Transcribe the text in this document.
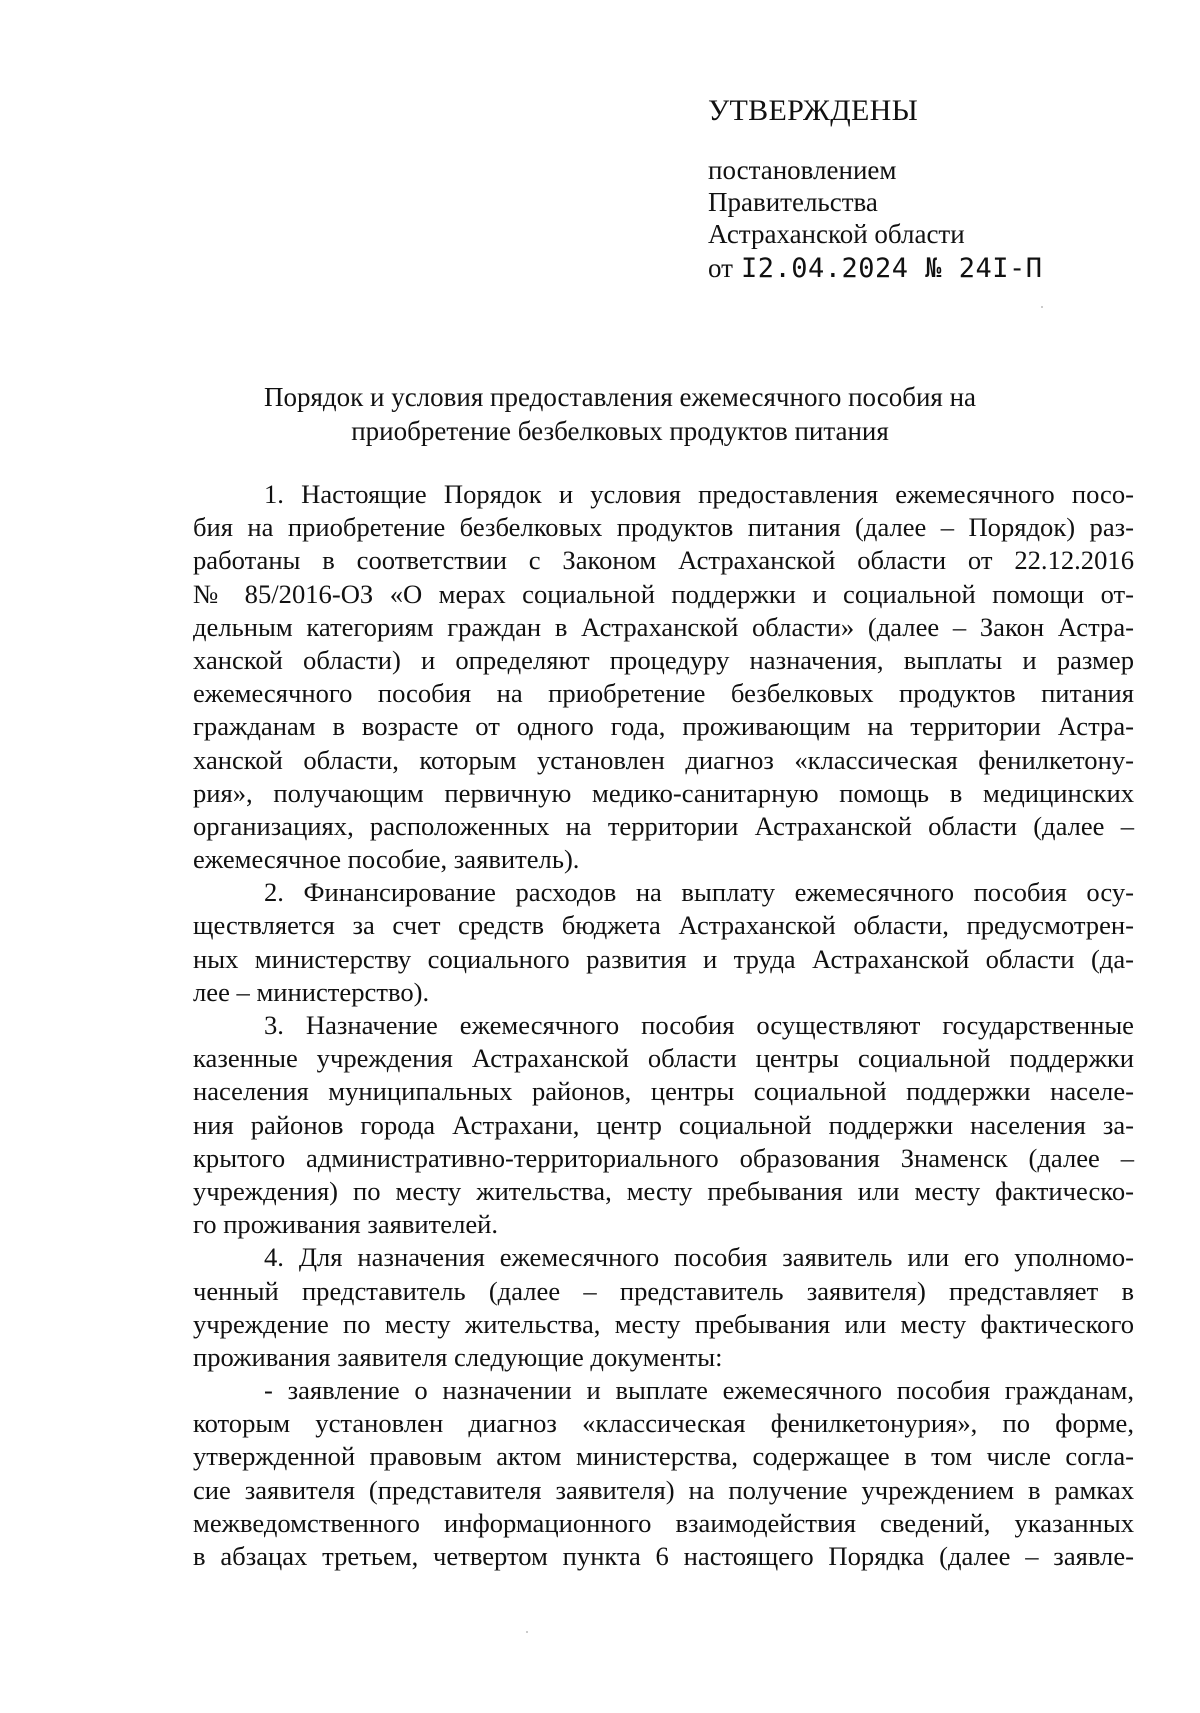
УТВЕРЖДЕНЫ
постановлением
Правительства
Астраханской области
от I2.04.2024 № 24I-П
Порядок и условия предоставления ежемесячного пособия на
приобретение безбелковых продуктов питания
1. Настоящие Порядок и условия предоставления ежемесячного посо-
бия на приобретение безбелковых продуктов питания (далее – Порядок) раз-
работаны в соответствии с Законом Астраханской области от 22.12.2016
№ 85/2016-ОЗ «О мерах социальной поддержки и социальной помощи от-
дельным категориям граждан в Астраханской области» (далее – Закон Астра-
ханской области) и определяют процедуру назначения, выплаты и размер
ежемесячного пособия на приобретение безбелковых продуктов питания
гражданам в возрасте от одного года, проживающим на территории Астра-
ханской области, которым установлен диагноз «классическая фенилкетону-
рия», получающим первичную медико-санитарную помощь в медицинских
организациях, расположенных на территории Астраханской области (далее –
ежемесячное пособие, заявитель).
2. Финансирование расходов на выплату ежемесячного пособия осу-
ществляется за счет средств бюджета Астраханской области, предусмотрен-
ных министерству социального развития и труда Астраханской области (да-
лее – министерство).
3. Назначение ежемесячного пособия осуществляют государственные
казенные учреждения Астраханской области центры социальной поддержки
населения муниципальных районов, центры социальной поддержки населе-
ния районов города Астрахани, центр социальной поддержки населения за-
крытого административно-территориального образования Знаменск (далее –
учреждения) по месту жительства, месту пребывания или месту фактическо-
го проживания заявителей.
4. Для назначения ежемесячного пособия заявитель или его уполномо-
ченный представитель (далее – представитель заявителя) представляет в
учреждение по месту жительства, месту пребывания или месту фактического
проживания заявителя следующие документы:
- заявление о назначении и выплате ежемесячного пособия гражданам,
которым установлен диагноз «классическая фенилкетонурия», по форме,
утвержденной правовым актом министерства, содержащее в том числе согла-
сие заявителя (представителя заявителя) на получение учреждением в рамках
межведомственного информационного взаимодействия сведений, указанных
в абзацах третьем, четвертом пункта 6 настоящего Порядка (далее – заявле-
